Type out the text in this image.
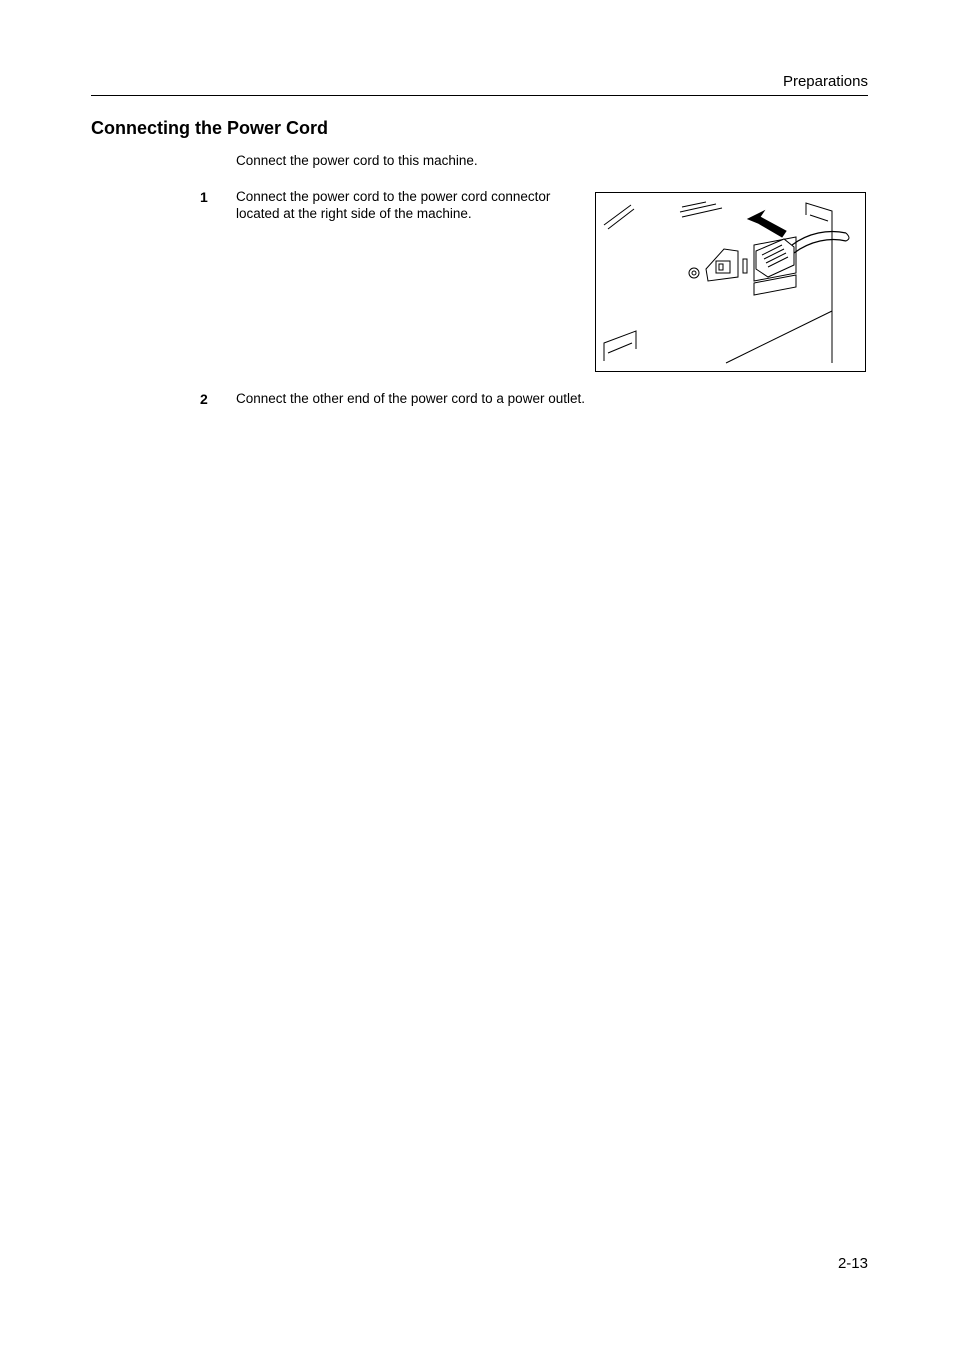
Preparations
Connecting the Power Cord
Connect the power cord to this machine.
1 Connect the power cord to the power cord connector located at the right side of the machine.
2 Connect the other end of the power cord to a power outlet.
2-13
